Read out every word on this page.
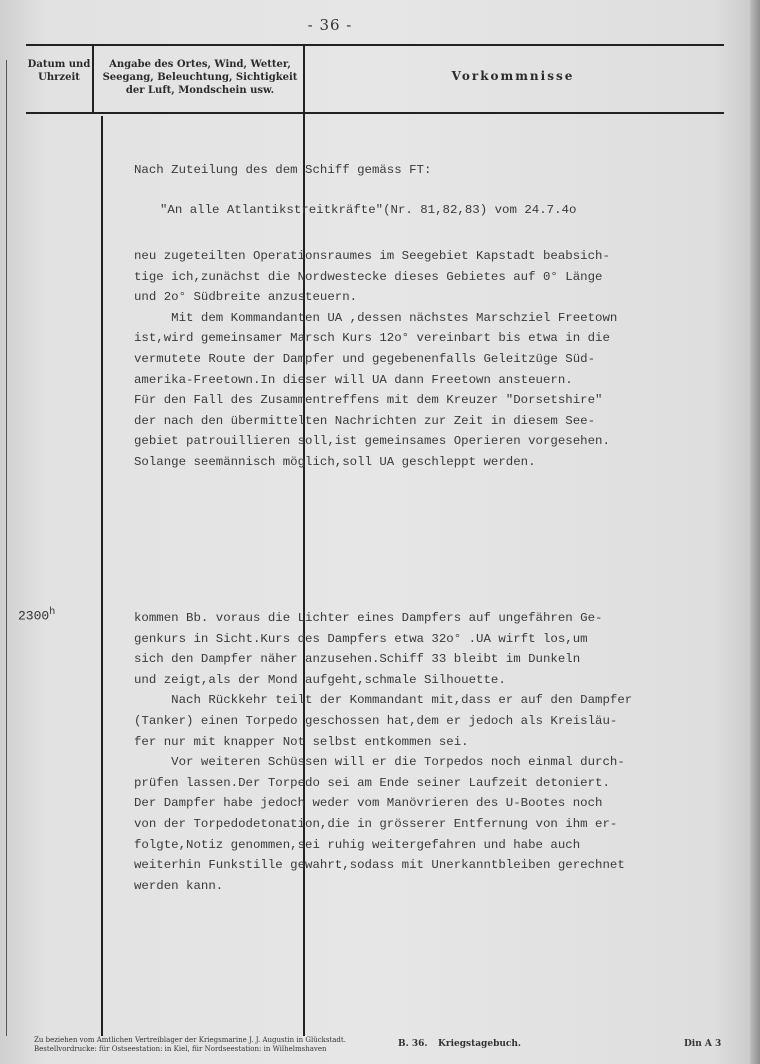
- 36 -
Datum und Uhrzeit
Angabe des Ortes, Wind, Wetter, Seegang, Beleuchtung, Sichtigkeit der Luft, Mondschein usw.
Vorkommnisse
2300$^h$
Nach Zuteilung des dem Schiff gemäss FT:
"An alle Atlantikstreitkräfte"(Nr. 81,82,83) vom 24.7.4o
neu zugeteilten Operationsraumes im Seegebiet Kapstadt beabsich-
tige ich,zunächst die Nordwestecke dieses Gebietes auf 0° Länge
und 2o° Südbreite anzusteuern.
Mit dem Kommandanten UA ,dessen nächstes Marschziel Freetown
ist,wird gemeinsamer Marsch Kurs 12o° vereinbart bis etwa in die
vermutete Route der Dampfer und gegebenenfalls Geleitzüge Süd-
amerika-Freetown.In dieser will UA dann Freetown ansteuern.
Für den Fall des Zusammentreffens mit dem Kreuzer "Dorsetshire"
der nach den übermittelten Nachrichten zur Zeit in diesem See-
gebiet patrouillieren soll,ist gemeinsames Operieren vorgesehen.
Solange seemännisch möglich,soll UA geschleppt werden.
kommen Bb. voraus die Lichter eines Dampfers auf ungefähren Ge-
genkurs in Sicht.Kurs des Dampfers etwa 32o° .UA wirft los,um
sich den Dampfer näher anzusehen.Schiff 33 bleibt im Dunkeln
und zeigt,als der Mond aufgeht,schmale Silhouette.
Nach Rückkehr teilt der Kommandant mit,dass er auf den Dampfer
(Tanker) einen Torpedo geschossen hat,dem er jedoch als Kreisläu-
fer nur mit knapper Not selbst entkommen sei.
Vor weiteren Schüssen will er die Torpedos noch einmal durch-
prüfen lassen.Der Torpedo sei am Ende seiner Laufzeit detoniert.
Der Dampfer habe jedoch weder vom Manövrieren des U-Bootes noch
von der Torpedodetonation,die in grösserer Entfernung von ihm er-
folgte,Notiz genommen,sei ruhig weitergefahren und habe auch
weiterhin Funkstille gewahrt,sodass mit Unerkanntbleiben gerechnet
werden kann.
Zu beziehen vom Amtlichen Vertreiblager der Kriegsmarine J. J. Augustin in Glückstadt. Bestellvordrucke: für Ostseestation: in Kiel, für Nordseestation: in Wilhelmshaven	B. 36. Kriegstagebuch.	Din A 3
